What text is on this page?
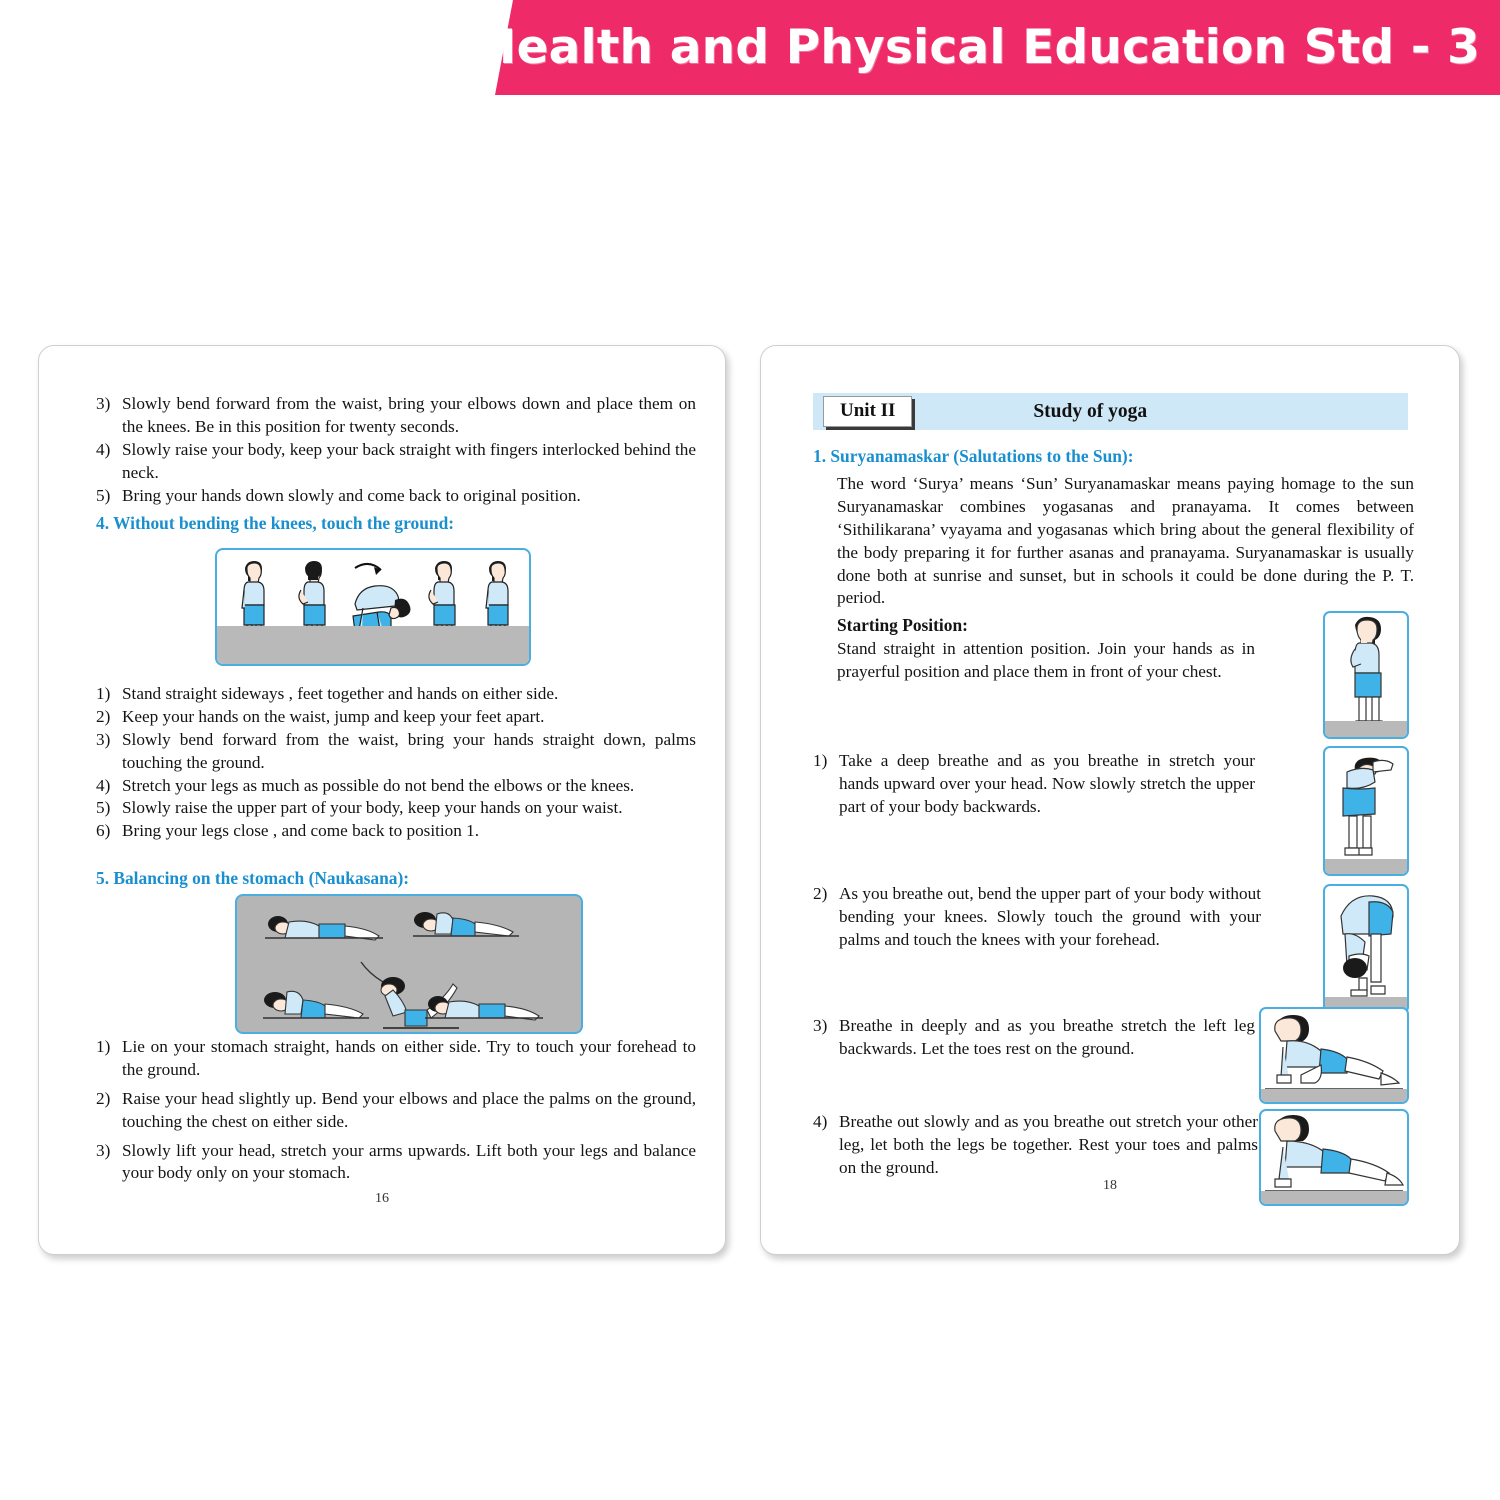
Health and Physical Education Std - 3
3) Slowly bend forward from the waist, bring your elbows down and place them on the knees. Be in this position for twenty seconds.
4) Slowly raise your body, keep your back straight with fingers interlocked behind the neck.
5) Bring your hands down slowly and come back to original position.
4. Without bending the knees, touch the ground:
1) Stand straight sideways , feet together and hands on either side.
2) Keep your hands on the waist, jump and keep your feet apart.
3) Slowly bend forward from the waist, bring your hands straight down, palms touching the ground.
4) Stretch your legs as much as possible do not bend the elbows or the knees.
5) Slowly raise the upper part of your body, keep your hands on your waist.
6) Bring your legs close , and come back to position 1.
5. Balancing on the stomach (Naukasana):
1) Lie on your stomach straight, hands on either side. Try to touch your forehead to the ground.
2) Raise your head slightly up. Bend your elbows and place the palms on the ground, touching the chest on either side.
3) Slowly lift your head, stretch your arms upwards. Lift both your legs and balance your body only on your stomach.
16
Unit II	Study of yoga
1. Suryanamaskar (Salutations to the Sun):
The word ‘Surya’ means ‘Sun’ Suryanamaskar means paying homage to the sun Suryanamaskar combines yogasanas and pranayama. It comes between ‘Sithilikarana’ vyayama and yogasanas which bring about the general flexibility of the body preparing it for further asanas and pranayama. Suryanamaskar is usually done both at sunrise and sunset, but in schools it could be done during the P. T. period.
Starting Position:
Stand straight in attention position. Join your hands as in prayerful position and place them in front of your chest.
1) Take a deep breathe and as you breathe in stretch your hands upward over your head. Now slowly stretch the upper part of your body backwards.
2) As you breathe out, bend the upper part of your body without bending your knees. Slowly touch the ground with your palms and touch the knees with your forehead.
3) Breathe in deeply and as you breathe stretch the left leg backwards. Let the toes rest on the ground.
4) Breathe out slowly and as you breathe out stretch your other leg, let both the legs be together. Rest your toes and palms on the ground.
18
